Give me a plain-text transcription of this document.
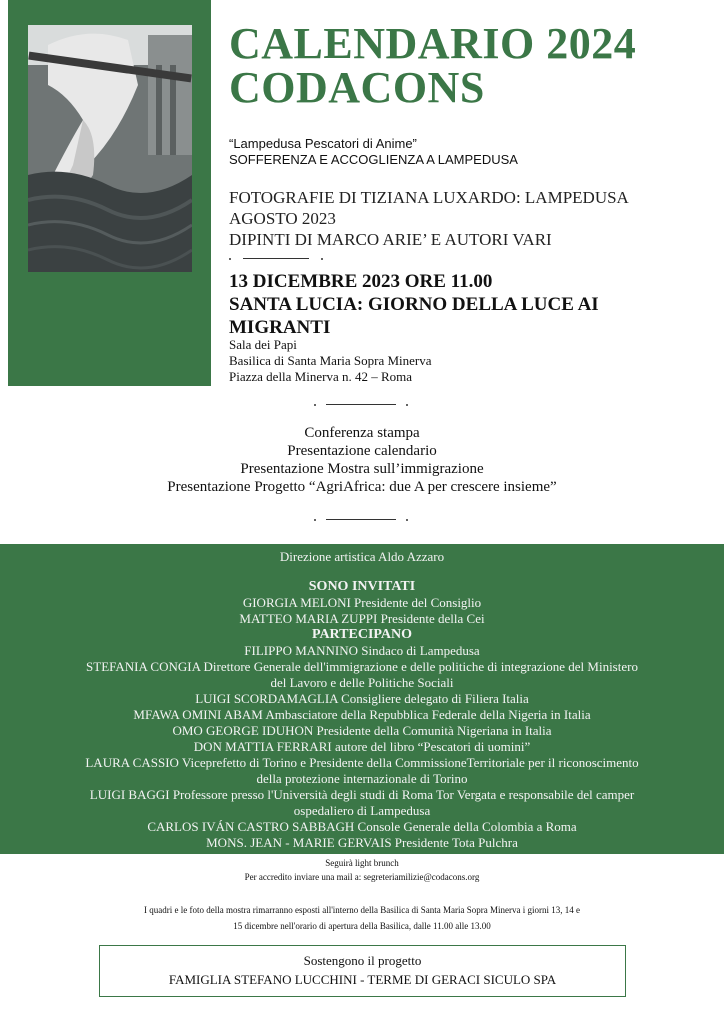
CALENDARIO 2024
CODACONS
“Lampedusa Pescatori di Anime”
SOFFERENZA E ACCOGLIENZA A LAMPEDUSA
FOTOGRAFIE DI TIZIANA LUXARDO: LAMPEDUSA
AGOSTO 2023
DIPINTI DI MARCO ARIE’ E AUTORI VARI
13 DICEMBRE 2023 ORE 11.00
SANTA LUCIA: GIORNO DELLA LUCE AI
MIGRANTI
Sala dei Papi
Basilica di Santa Maria Sopra Minerva
Piazza della Minerva n. 42 – Roma
Conferenza stampa
Presentazione calendario
Presentazione Mostra sull’immigrazione
Presentazione Progetto “AgriAfrica: due A per crescere insieme”
Direzione artistica Aldo Azzaro
SONO INVITATI
GIORGIA MELONI Presidente del Consiglio
MATTEO MARIA ZUPPI Presidente della Cei
PARTECIPANO
FILIPPO MANNINO Sindaco di Lampedusa
STEFANIA CONGIA Direttore Generale dell'immigrazione e delle politiche di integrazione del Ministero
del Lavoro e delle Politiche Sociali
LUIGI SCORDAMAGLIA Consigliere delegato di Filiera Italia
MFAWA OMINI ABAM Ambasciatore della Repubblica Federale della Nigeria in Italia
OMO GEORGE IDUHON Presidente della Comunità Nigeriana in Italia
DON MATTIA FERRARI autore del libro “Pescatori di uomini”
LAURA CASSIO Viceprefetto di Torino e Presidente della CommissioneTerritoriale per il riconoscimento
della protezione internazionale di Torino
LUIGI BAGGI Professore presso l'Università degli studi di Roma Tor Vergata e responsabile del camper
ospedaliero di Lampedusa
CARLOS IVÁN CASTRO SABBAGH Console Generale della Colombia a Roma
MONS. JEAN - MARIE GERVAIS Presidente Tota Pulchra
Seguirà light brunch
Per accredito inviare una mail a: segreteriamilizie@codacons.org
I quadri e le foto della mostra rimarranno esposti all'interno della Basilica di Santa Maria Sopra Minerva i giorni 13, 14 e
15 dicembre nell'orario di apertura della Basilica, dalle 11.00 alle 13.00
Sostengono il progetto
FAMIGLIA STEFANO LUCCHINI - TERME DI GERACI SICULO SPA
